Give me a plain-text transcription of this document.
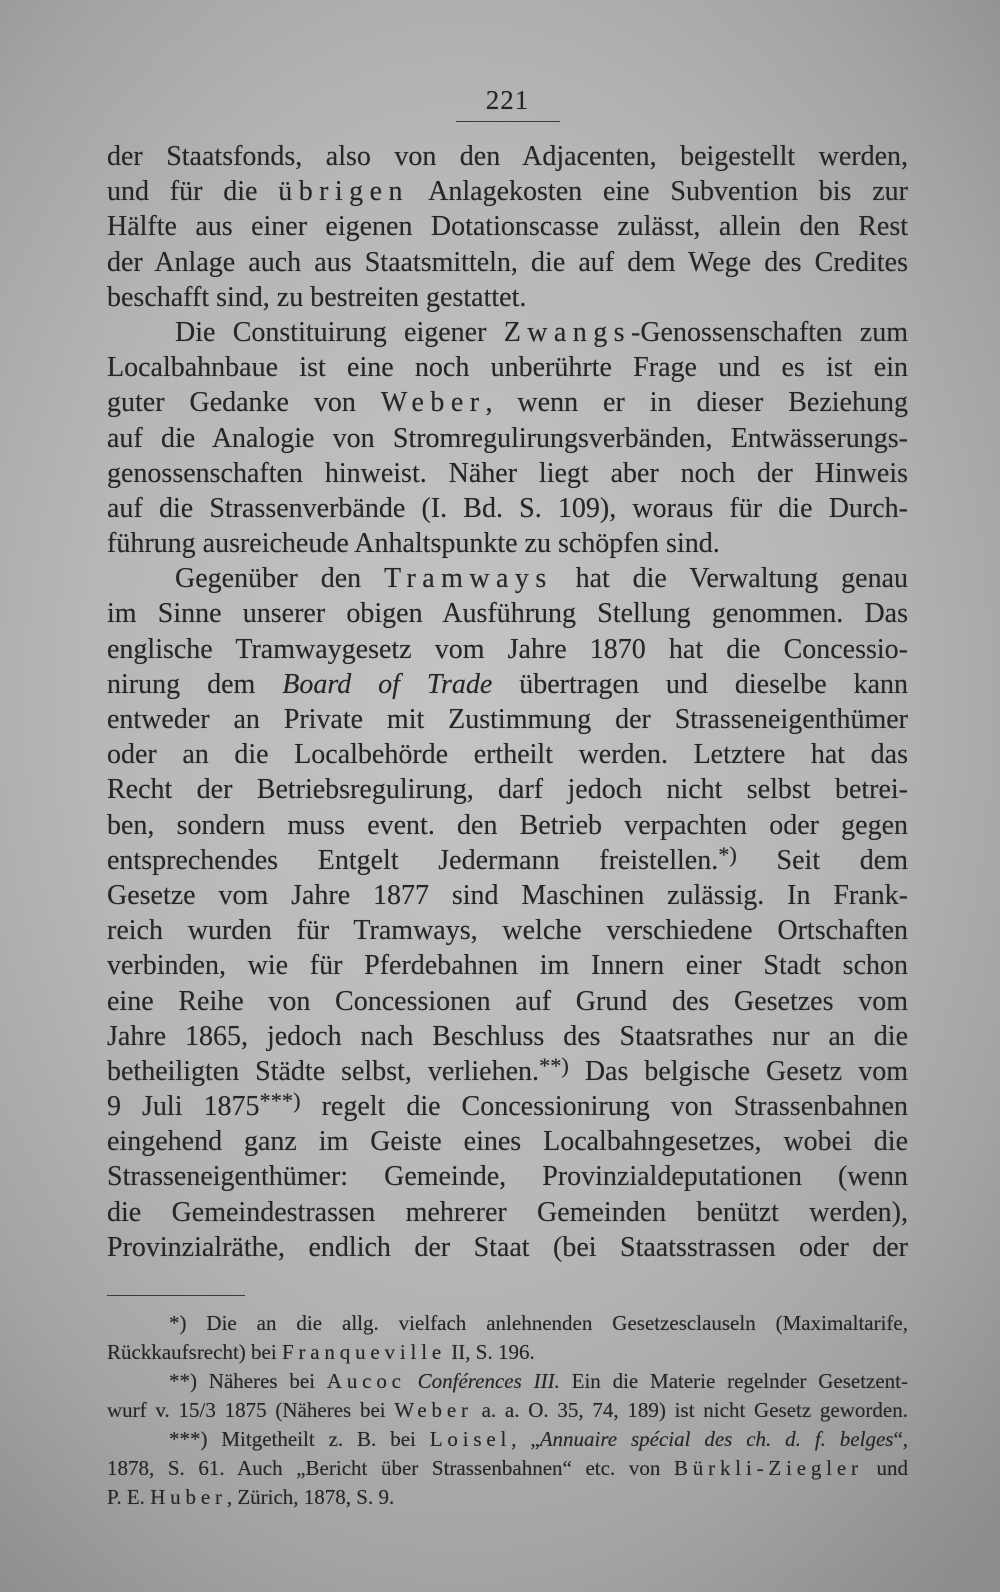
221
der Staatsfonds, also von den Adjacenten, beigestellt werden,
und für die übrigen Anlagekosten eine Subvention bis zur
Hälfte aus einer eigenen Dotationscasse zulässt, allein den Rest
der Anlage auch aus Staatsmitteln, die auf dem Wege des Credites
beschafft sind, zu bestreiten gestattet.
Die Constituirung eigener Zwangs-Genossenschaften zum
Localbahnbaue ist eine noch unberührte Frage und es ist ein
guter Gedanke von Weber, wenn er in dieser Beziehung
auf die Analogie von Stromregulirungsverbänden, Entwässerungs-
genossenschaften hinweist. Näher liegt aber noch der Hinweis
auf die Strassenverbände (I. Bd. S. 109), woraus für die Durch-
führung ausreicheude Anhaltspunkte zu schöpfen sind.
Gegenüber den Tramways hat die Verwaltung genau
im Sinne unserer obigen Ausführung Stellung genommen. Das
englische Tramwaygesetz vom Jahre 1870 hat die Concessio-
nirung dem Board of Trade übertragen und dieselbe kann
entweder an Private mit Zustimmung der Strasseneigenthümer
oder an die Localbehörde ertheilt werden. Letztere hat das
Recht der Betriebsregulirung, darf jedoch nicht selbst betrei-
ben, sondern muss event. den Betrieb verpachten oder gegen
entsprechendes Entgelt Jedermann freistellen.*) Seit dem
Gesetze vom Jahre 1877 sind Maschinen zulässig. In Frank-
reich wurden für Tramways, welche verschiedene Ortschaften
verbinden, wie für Pferdebahnen im Innern einer Stadt schon
eine Reihe von Concessionen auf Grund des Gesetzes vom
Jahre 1865, jedoch nach Beschluss des Staatsrathes nur an die
betheiligten Städte selbst, verliehen.**) Das belgische Gesetz vom
9 Juli 1875***) regelt die Concessionirung von Strassenbahnen
eingehend ganz im Geiste eines Localbahngesetzes, wobei die
Strasseneigenthümer: Gemeinde, Provinzialdeputationen (wenn
die Gemeindestrassen mehrerer Gemeinden benützt werden),
Provinzialräthe, endlich der Staat (bei Staatsstrassen oder der
*) Die an die allg. vielfach anlehnenden Gesetzesclauseln (Maximaltarife,
Rückkaufsrecht) bei Franqueville II, S. 196.
**) Näheres bei Aucoc Conférences III. Ein die Materie regelnder Gesetzent-
wurf v. 15/3 1875 (Näheres bei Weber a. a. O. 35, 74, 189) ist nicht Gesetz geworden.
***) Mitgetheilt z. B. bei Loisel, „Annuaire spécial des ch. d. f. belges“,
1878, S. 61. Auch „Bericht über Strassenbahnen“ etc. von Bürkli-Ziegler und
P. E. Huber, Zürich, 1878, S. 9.
